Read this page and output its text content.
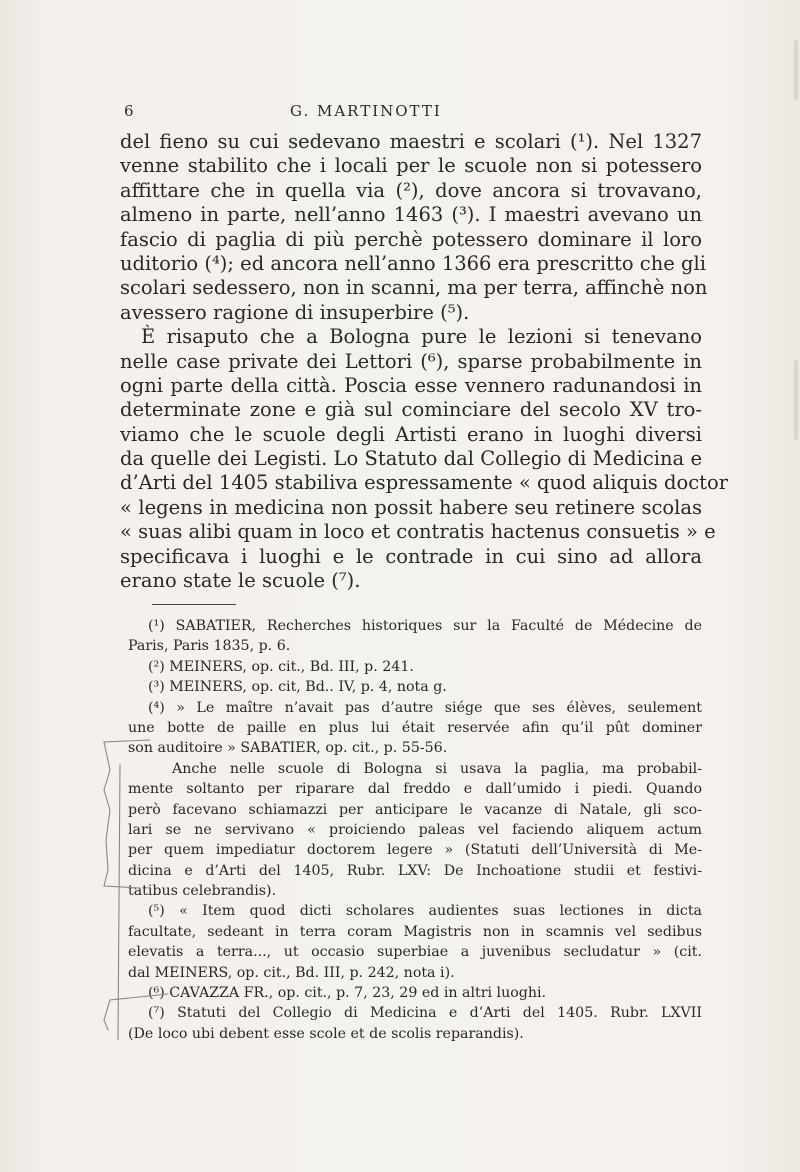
6	G. MARTINOTTI
del fieno su cui sedevano maestri e scolari (¹). Nel 1327
venne stabilito che i locali per le scuole non si potessero
affittare che in quella via (²), dove ancora si trovavano,
almeno in parte, nell’anno 1463 (³). I maestri avevano un
fascio di paglia di più perchè potessero dominare il loro
uditorio (⁴); ed ancora nell’anno 1366 era prescritto che gli
scolari sedessero, non in scanni, ma per terra, affinchè non
avessero ragione di insuperbire (⁵).
È risaputo che a Bologna pure le lezioni si tenevano
nelle case private dei Lettori (⁶), sparse probabilmente in
ogni parte della città. Poscia esse vennero radunandosi in
determinate zone e già sul cominciare del secolo XV tro-
viamo che le scuole degli Artisti erano in luoghi diversi
da quelle dei Legisti. Lo Statuto dal Collegio di Medicina e
d’Arti del 1405 stabiliva espressamente « quod aliquis doctor
« legens in medicina non possit habere seu retinere scolas
« suas alibi quam in loco et contratis hactenus consuetis » e
specificava i luoghi e le contrade in cui sino ad allora
erano state le scuole (⁷).
(¹) SABATIER, Recherches historiques sur la Faculté de Médecine de
Paris, Paris 1835, p. 6.
(²) MEINERS, op. cit., Bd. III, p. 241.
(³) MEINERS, op. cit, Bd.. IV, p. 4, nota g.
(⁴) » Le maître n’avait pas d’autre siége que ses élèves, seulement
une botte de paille en plus lui était reservée afin qu’il pût dominer
son auditoire » SABATIER, op. cit., p. 55-56.
Anche nelle scuole di Bologna si usava la paglia, ma probabil-
mente soltanto per riparare dal freddo e dall’umido i piedi. Quando
però facevano schiamazzi per anticipare le vacanze di Natale, gli sco-
lari se ne servivano « proiciendo paleas vel faciendo aliquem actum
per quem impediatur doctorem legere » (Statuti dell’Università di Me-
dicina e d’Arti del 1405, Rubr. LXV: De Inchoatione studii et festivi-
tatibus celebrandis).
(⁵) « Item quod dicti scholares audientes suas lectiones in dicta
facultate, sedeant in terra coram Magistris non in scamnis vel sedibus
elevatis a terra..., ut occasio superbiae a juvenibus secludatur » (cit.
dal MEINERS, op. cit., Bd. III, p. 242, nota i).
(⁶) CAVAZZA FR., op. cit., p. 7, 23, 29 ed in altri luoghi.
(⁷) Statuti del Collegio di Medicina e d’Arti del 1405. Rubr. LXVII
(De loco ubi debent esse scole et de scolis reparandis).
